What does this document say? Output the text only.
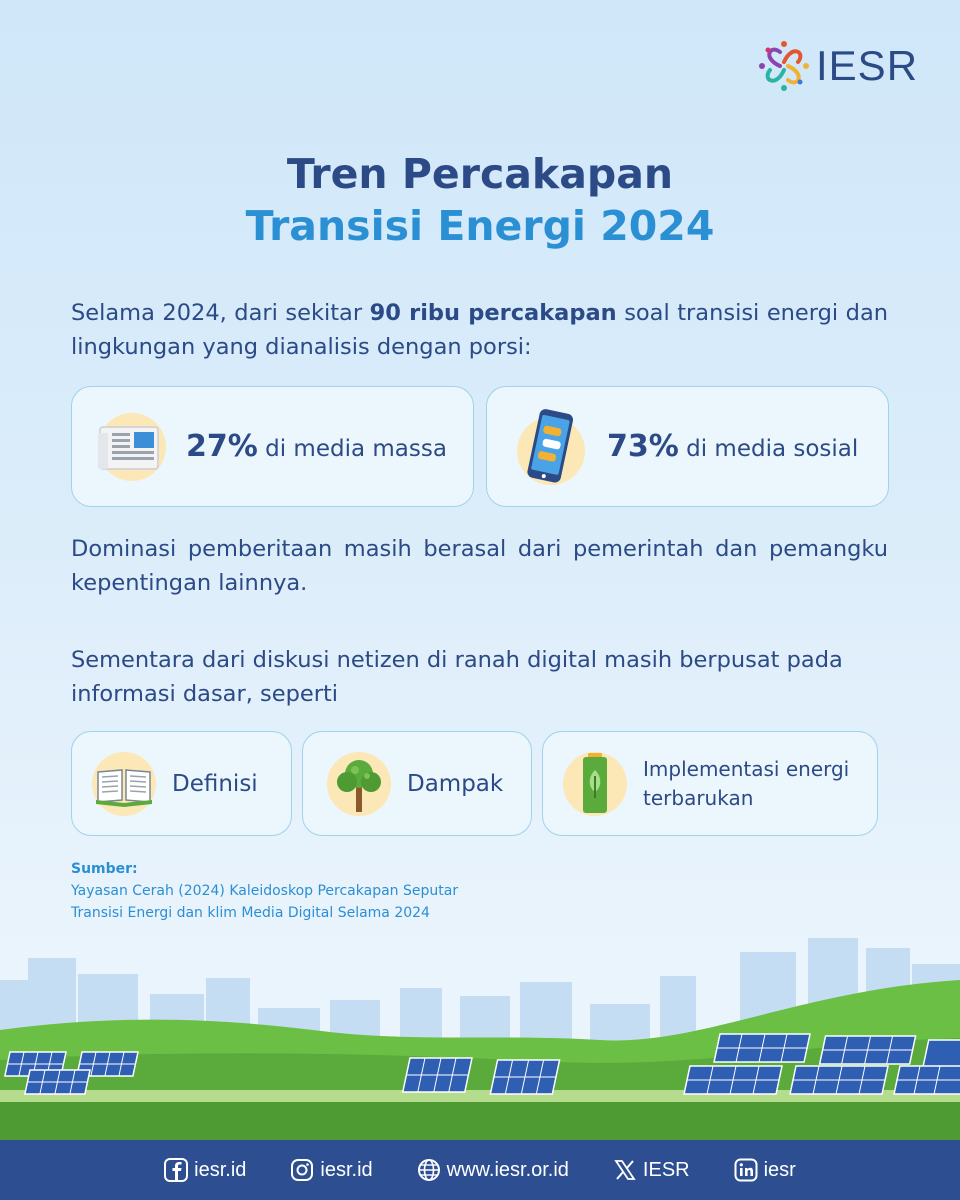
IESR
Tren Percakapan
Transisi Energi 2024

Selama 2024, dari sekitar 90 ribu percakapan soal transisi energi dan lingkungan yang dianalisis dengan porsi:

27% di media massa	73% di media sosial

Dominasi pemberitaan masih berasal dari pemerintah dan pemangku kepentingan lainnya.

Sementara dari diskusi netizen di ranah digital masih berpusat pada informasi dasar, seperti

Definisi	Dampak
Implementasi energi terbarukan
Sumber:
Yayasan Cerah (2024) Kaleidoskop Percakapan Seputar
Transisi Energi dan klim Media Digital Selama 2024
iesr.id	iesr.id	www.iesr.or.id	IESR	iesr
